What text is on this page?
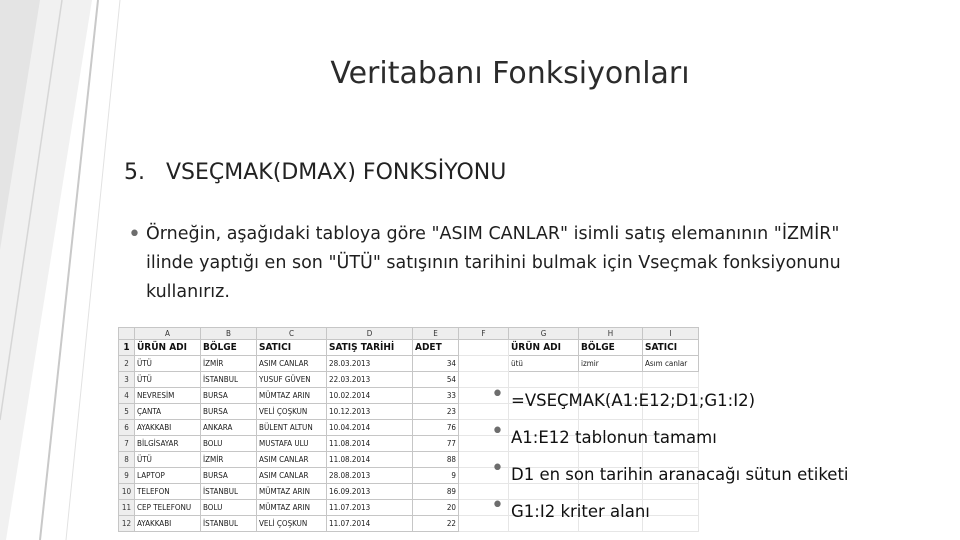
Veritabanı Fonksiyonları
5. VSEÇMAK(DMAX) FONKSİYONU
• Örneğin, aşağıdaki tabloya göre "ASIM CANLAR" isimli satış elemanının "İZMİR" ilinde yaptığı en son "ÜTÜ" satışının tarihini bulmak için Vseçmak fonksiyonunu kullanırız.
	A	B	C	D	E	F	G	H	I
1	ÜRÜN ADI	BÖLGE	SATICI	SATIŞ TARİHİ	ADET		ÜRÜN ADI	BÖLGE	SATICI
2	ÜTÜ	İZMİR	ASIM CANLAR	28.03.2013	34		ütü	izmir	Asım canlar
3	ÜTÜ	İSTANBUL	YUSUF GÜVEN	22.03.2013	54				
4	NEVRESİM	BURSA	MÜMTAZ ARIN	10.02.2014	33				
5	ÇANTA	BURSA	VELİ ÇOŞKUN	10.12.2013	23				
6	AYAKKABI	ANKARA	BÜLENT ALTUN	10.04.2014	76				
7	BİLGİSAYAR	BOLU	MUSTAFA ULU	11.08.2014	77				
8	ÜTÜ	İZMİR	ASIM CANLAR	11.08.2014	88				
9	LAPTOP	BURSA	ASIM CANLAR	28.08.2013	9				
10	TELEFON	İSTANBUL	MÜMTAZ ARIN	16.09.2013	89				
11	CEP TELEFONU	BOLU	MÜMTAZ ARIN	11.07.2013	20				
12	AYAKKABI	İSTANBUL	VELİ ÇOŞKUN	11.07.2014	22				
• =VSEÇMAK(A1:E12;D1;G1:I2)
• A1:E12 tablonun tamamı
• D1 en son tarihin aranacağı sütun etiketi
• G1:I2 kriter alanı
